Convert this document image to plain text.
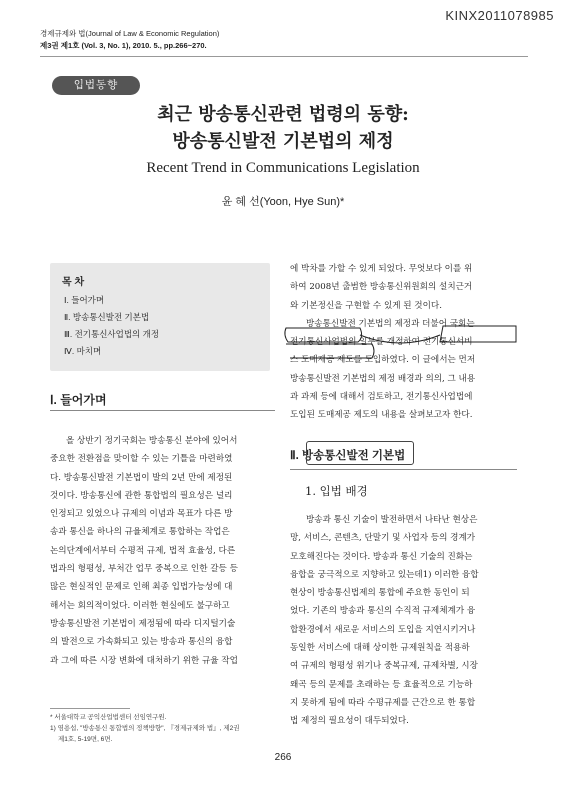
KINX2011078985
경제규제와 법(Journal of Law & Economic Regulation)
제3권 제1호 (Vol. 3, No. 1), 2010. 5., pp.266~270.
입법동향
최근 방송통신관련 법령의 동향:
방송통신발전 기본법의 제정
Recent Trend in Communications Legislation
윤 혜 선(Yoon, Hye Sun)*
목 차
Ⅰ. 들어가며
Ⅱ. 방송통신발전 기본법
Ⅲ. 전기통신사업법의 개정
Ⅳ. 마치며
Ⅰ. 들어가며
올 상반기 정기국회는 방송통신 분야에 있어서
중요한 전환점을 맞이할 수 있는 기틀을 마련하였
다. 방송통신발전 기본법이 발의 2년 만에 제정된
것이다. 방송통신에 관한 통합법의 필요성은 널리
인정되고 있었으나 규제의 이념과 목표가 다른 방
송과 통신을 하나의 규율체계로 통합하는 작업은
논의단계에서부터 수평적 규제, 법적 효율성, 다른
법과의 형평성, 부처간 업무 중복으로 인한 갈등 등
많은 현실적인 문제로 인해 최종 입법가능성에 대
해서는 회의적이었다. 이러한 현실에도 불구하고
방송통신발전 기본법이 제정됨에 따라 디지털기술
의 발전으로 가속화되고 있는 방송과 통신의 융합
과 그에 따른 시장 변화에 대처하기 위한 규율 작업
에 박차를 가할 수 있게 되었다. 무엇보다 이를 위
하여 2008년 출범한 방송통신위원회의 설치근거
와 기본정신을 구현할 수 있게 된 것이다.
방송통신발전 기본법의 제정과 더불어 국회는
전기통신사업법의 일부를 개정하여 전기통신서비
스 도매제공 제도를 도입하였다. 이 글에서는 먼저
방송통신발전 기본법의 제정 배경과 의의, 그 내용
과 과제 등에 대해서 검토하고, 전기통신사업법에
도입된 도매제공 제도의 내용을 살펴보고자 한다.
Ⅱ. 방송통신발전 기본법
1. 입법 배경
방송과 통신 기술이 발전하면서 나타난 현상은
망, 서비스, 콘텐츠, 단말기 및 사업자 등의 경계가
모호해진다는 것이다. 방송과 통신 기술의 진화는
융합을 궁극적으로 지향하고 있는데1) 이러한 융합
현상이 방송통신법제의 통합에 주요한 동인이 되
었다. 기존의 방송과 통신의 수직적 규제체계가 융
합환경에서 새로운 서비스의 도입을 지연시키거나
동일한 서비스에 대해 상이한 규제원칙을 적용하
여 규제의 형평성 위기나 중복규제, 규제차별, 시장
왜곡 등의 문제를 초래하는 등 효율적으로 기능하
지 못하게 됨에 따라 수평규제를 근간으로 한 통합
법 제정의 필요성이 대두되었다.
* 서울대학교 공익산업법센터 선임연구원.
1) 염용섭, "방송통신 통합법의 정책방향", 『경제규제와 법』, 제2권
제1호, 5-19면, 6면.
266
